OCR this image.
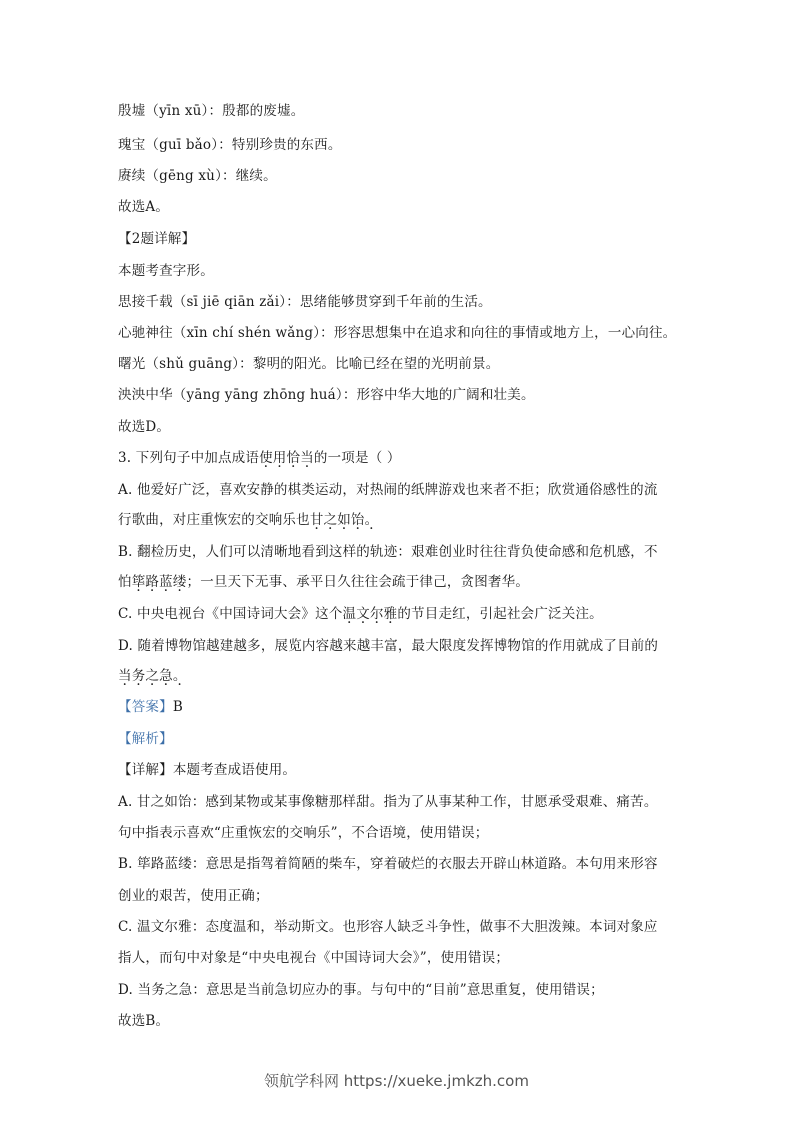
殷墟（yīn xū）：殷都的废墟。
瑰宝（guī bǎo）：特别珍贵的东西。
赓续（gēng xù）：继续。
故选A。
【2题详解】
本题考查字形。
思接千载（sī jiē qiān zǎi）：思绪能够贯穿到千年前的生活。
心驰神往（xīn chí shén wǎng）：形容思想集中在追求和向往的事情或地方上，一心向往。
曙光（shǔ guāng）：黎明的阳光。比喻已经在望的光明前景。
泱泱中华（yāng yāng zhōng huá）：形容中华大地的广阔和壮美。
故选D。
3. 下列句子中加点成语使用恰当的一项是（ ）
A. 他爱好广泛，喜欢安静的棋类运动，对热闹的纸牌游戏也来者不拒；欣赏通俗感性的流
行歌曲，对庄重恢宏的交响乐也甘之如饴。 ·
B. 翻检历史，人们可以清晰地看到这样的轨迹：艰难创业时往往背负使命感和危机感，不
怕筚路蓝缕；一旦天下无事、承平日久往往会疏于律己，贪图奢华。
C. 中央电视台《中国诗词大会》这个温文尔雅的节目走红，引起社会广泛关注。
D. 随着博物馆越建越多，展览内容越来越丰富，最大限度发挥博物馆的作用就成了目前的
当务之急。 ·
【答案】B
【解析】
【详解】本题考查成语使用。
A. 甘之如饴：感到某物或某事像糖那样甜。指为了从事某种工作，甘愿承受艰难、痛苦。
句中指表示喜欢“庄重恢宏的交响乐”，不合语境，使用错误；
B. 筚路蓝缕：意思是指驾着简陋的柴车，穿着破烂的衣服去开辟山林道路。本句用来形容
创业的艰苦，使用正确；
C. 温文尔雅：态度温和，举动斯文。也形容人缺乏斗争性，做事不大胆泼辣。本词对象应
指人，而句中对象是“中央电视台《中国诗词大会》”，使用错误；
D. 当务之急：意思是当前急切应办的事。与句中的“目前”意思重复，使用错误；
故选B。
领航学科网 https://xueke.jmkzh.com
